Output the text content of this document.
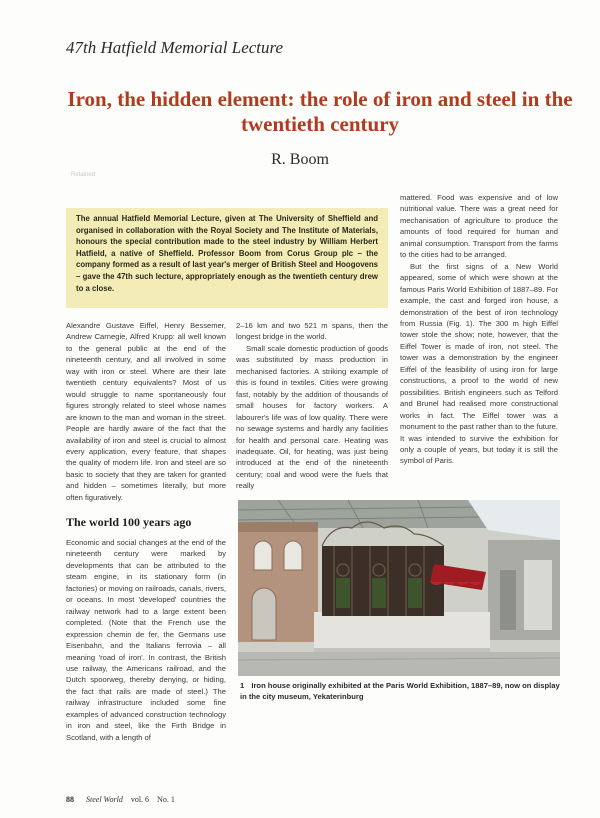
47th Hatfield Memorial Lecture
Iron, the hidden element: the role of iron and steel in the twentieth century
R. Boom
Retained
The annual Hatfield Memorial Lecture, given at The University of Sheffield and organised in collaboration with the Royal Society and The Institute of Materials, honours the special contribution made to the steel industry by William Herbert Hatfield, a native of Sheffield. Professor Boom from Corus Group plc – the company formed as a result of last year's merger of British Steel and Hoogovens – gave the 47th such lecture, appropriately enough as the twentieth century drew to a close.

Alexandre Gustave Eiffel, Henry Bessemer, Andrew Carnegie, Alfred Krupp: all well known to the general public at the end of the nineteenth century, and all involved in some way with iron or steel. Where are their late twentieth century equivalents? Most of us would struggle to name spontaneously four figures strongly related to steel whose names are known to the man and woman in the street. People are hardly aware of the fact that the availability of iron and steel is crucial to almost every application, every feature, that shapes the quality of modern life. Iron and steel are so basic to society that they are taken for granted and hidden – sometimes literally, but more often figuratively.

2–16 km and two 521 m spans, then the longest bridge in the world.

Small scale domestic production of goods was substituted by mass production in mechanised factories. A striking example of this is found in textiles. Cities were growing fast, notably by the addition of thousands of small houses for factory workers. A labourer's life was of low quality. There were no sewage systems and hardly any facilities for health and personal care. Heating was inadequate. Oil, for heating, was just being introduced at the end of the nineteenth century; coal and wood were the fuels that really

mattered. Food was expensive and of low nutritional value. There was a great need for mechanisation of agriculture to produce the amounts of food required for human and animal consumption. Transport from the farms to the cities had to be arranged.

But the first signs of a New World appeared, some of which were shown at the famous Paris World Exhibition of 1887–89. For example, the cast and forged iron house, a demonstration of the best of iron technology from Russia (Fig. 1). The 300 m high Eiffel tower stole the show; note, however, that the Eiffel Tower is made of iron, not steel. The tower was a demonstration by the engineer Eiffel of the feasibility of using iron for large constructions, a proof to the world of new possibilities. British engineers such as Telford and Brunel had realised more constructional works in fact. The Eiffel tower was a monument to the past rather than to the future. It was intended to survive the exhibition for only a couple of years, but today it is still the symbol of Paris.

The world 100 years ago

Economic and social changes at the end of the nineteenth century were marked by developments that can be attributed to the steam engine, in its stationary form (in factories) or moving on railroads, canals, rivers, or oceans. In most 'developed' countries the railway network had to a large extent been completed. (Note that the French use the expression chemin de fer, the Germans use Eisenbahn, and the Italians ferrovia – all meaning 'road of iron'. In contrast, the British use railway, the Americans railroad, and the Dutch spoorweg, thereby denying, or hiding, the fact that rails are made of steel.) The railway infrastructure included some fine examples of advanced construction technology in iron and steel, like the Firth Bridge in Scotland, with a length of

1 Iron house originally exhibited at the Paris World Exhibition, 1887–89, now on display in the city museum, Yekaterinburg
88 Steel World vol. 6 No. 1
